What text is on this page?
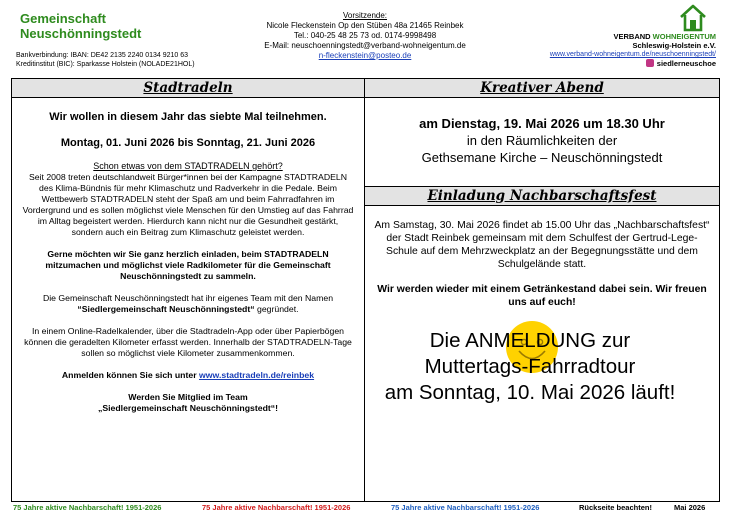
Gemeinschaft
Neuschönningstedt
Bankverbindung: IBAN: DE42 2135 2240 0134 9210 63
Kreditinstitut (BIC): Sparkasse Holstein (NOLADE21HOL)
Vorsitzende:
Nicole Fleckenstein Op den Stüben 48a 21465 Reinbek
Tel.: 040-25 48 25 73 od. 0174-9998498
E-Mail: neuschoenningstedt@verband-wohneigentum.de
n-fleckenstein@posteo.de
VERBAND WOHNEIGENTUM
Schleswig-Holstein e.V.
www.verband-wohneigentum.de/neuschoenningstedt/
siedlerneuschoe
Stadtradeln	Kreativer Abend

Wir wollen in diesem Jahr das siebte Mal teilnehmen.

Montag, 01. Juni 2026 bis Sonntag, 21. Juni 2026

Schon etwas von dem STADTRADELN gehört?

Seit 2008 treten deutschlandweit Bürger*innen bei der Kampagne STADTRADELN des Klima-Bündnis für mehr Klimaschutz und Radverkehr in die Pedale. Beim Wettbewerb STADTRADELN steht der Spaß am und beim Fahrradfahren im Vordergrund und es sollen möglichst viele Menschen für den Umstieg auf das Fahrrad im Alltag begeistert werden. Hierdurch kann nicht nur die Gesundheit gestärkt, sondern auch ein Beitrag zum Klimaschutz geleistet werden.

Gerne möchten wir Sie ganz herzlich einladen, beim STADTRADELN mitzumachen und möglichst viele Radkilometer für die Gemeinschaft Neuschönningstedt zu sammeln.

Die Gemeinschaft Neuschönningstedt hat ihr eigenes Team mit den Namen “Siedlergemeinschaft Neuschönningstedt“ gegründet.

In einem Online-Radelkalender, über die Stadtradeln-App oder über Papierbögen können die geradelten Kilometer erfasst werden. Innerhalb der STADTRADELN-Tage sollen so möglichst viele Kilometer zusammenkommen.

Anmelden können Sie sich unter www.stadtradeln.de/reinbek

Werden Sie Mitglied im Team

„Siedlergemeinschaft Neuschönningstedt“!

am Dienstag, 19. Mai 2026 um 18.30 Uhr
in den Räumlichkeiten der
Gethsemane Kirche – Neuschönningstedt
Einladung Nachbarschaftsfest

Am Samstag, 30. Mai 2026 findet ab 15.00 Uhr das „Nachbarschaftsfest“ der Stadt Reinbek gemeinsam mit dem Schulfest der Gertrud-Lege-Schule auf dem Mehrzweckplatz an der Begegnungsstätte und dem Schulgelände statt.

Wir werden wieder mit einem Getränkestand dabei sein. Wir freuen uns auf euch!

Die ANMELDUNG zur
Muttertags-Fahrradtour
am Sonntag, 10. Mai 2026 läuft!
75 Jahre aktive Nachbarschaft! 1951-2026	75 Jahre aktive Nachbarschaft! 1951-2026	75 Jahre aktive Nachbarschaft! 1951-2026	Rückseite beachten!	Mai 2026
